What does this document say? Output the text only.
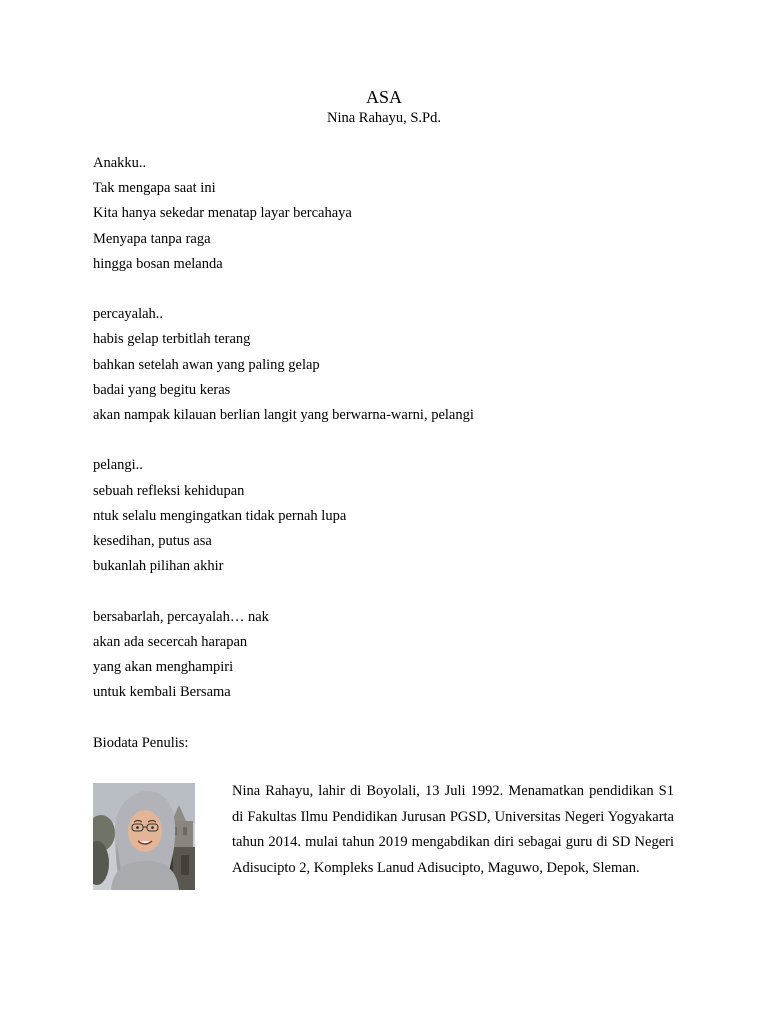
ASA
Nina Rahayu, S.Pd.
Anakku..
Tak mengapa saat ini
Kita hanya sekedar menatap layar bercahaya
Menyapa tanpa raga
hingga bosan melanda
percayalah..
habis gelap terbitlah terang
bahkan setelah awan yang paling gelap
badai yang begitu keras
akan nampak kilauan berlian langit yang berwarna-warni, pelangi
pelangi..
sebuah refleksi kehidupan
ntuk selalu mengingatkan tidak pernah lupa
kesedihan, putus asa
bukanlah pilihan akhir
bersabarlah, percayalah… nak
akan ada secercah harapan
yang akan menghampiri
untuk kembali Bersama
Biodata Penulis:
Nina Rahayu, lahir di Boyolali, 13 Juli 1992. Menamatkan pendidikan S1 di Fakultas Ilmu Pendidikan Jurusan PGSD, Universitas Negeri Yogyakarta tahun 2014. mulai tahun 2019 mengabdikan diri sebagai guru di SD Negeri Adisucipto 2, Kompleks Lanud Adisucipto, Maguwo, Depok, Sleman.
